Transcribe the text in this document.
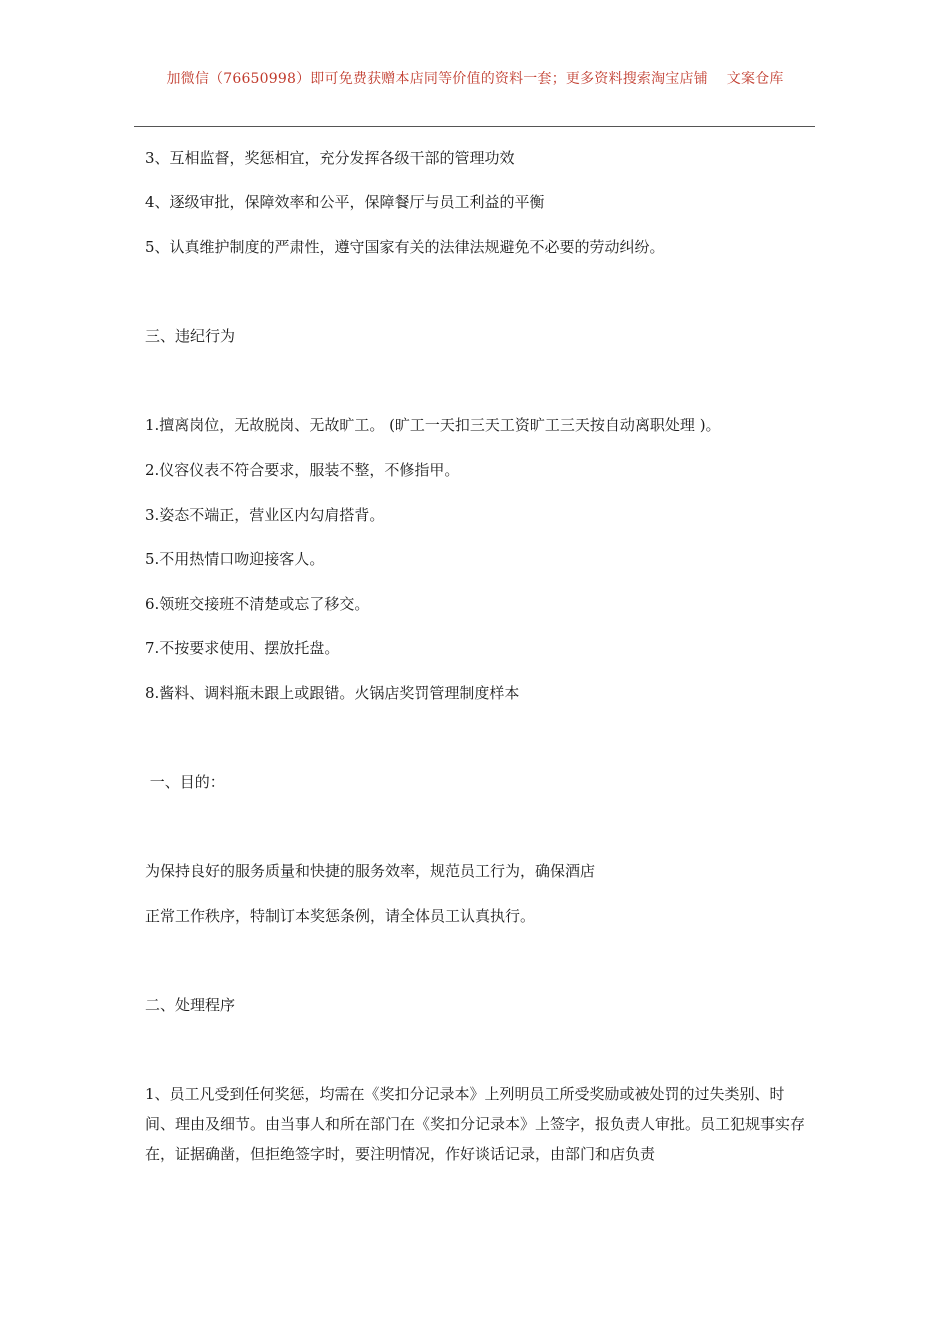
加微信（76650998）即可免费获赠本店同等价值的资料一套；更多资料搜索淘宝店铺　 文案仓库
3、互相监督，奖惩相宜，充分发挥各级干部的管理功效
4、逐级审批，保障效率和公平，保障餐厅与员工利益的平衡
5、认真维护制度的严肃性，遵守国家有关的法律法规避免不必要的劳动纠纷。
三、违纪行为
1.擅离岗位，无故脱岗、无故旷工。 (旷工一天扣三天工资旷工三天按自动离职处理 )。
2.仪容仪表不符合要求，服装不整，不修指甲。
3.姿态不端正，营业区内勾肩搭背。
5.不用热情口吻迎接客人。
6.领班交接班不清楚或忘了移交。
7.不按要求使用、摆放托盘。
8.酱料、调料瓶未跟上或跟错。火锅店奖罚管理制度样本
一、目的：
为保持良好的服务质量和快捷的服务效率，规范员工行为，确保酒店
正常工作秩序，特制订本奖惩条例，请全体员工认真执行。
二、处理程序
1、员工凡受到任何奖惩，均需在《奖扣分记录本》上列明员工所受奖励或被处罚的过失类别、时间、理由及细节。由当事人和所在部门在《奖扣分记录本》上签字，报负责人审批。员工犯规事实存在，证据确凿，但拒绝签字时，要注明情况，作好谈话记录，由部门和店负责
